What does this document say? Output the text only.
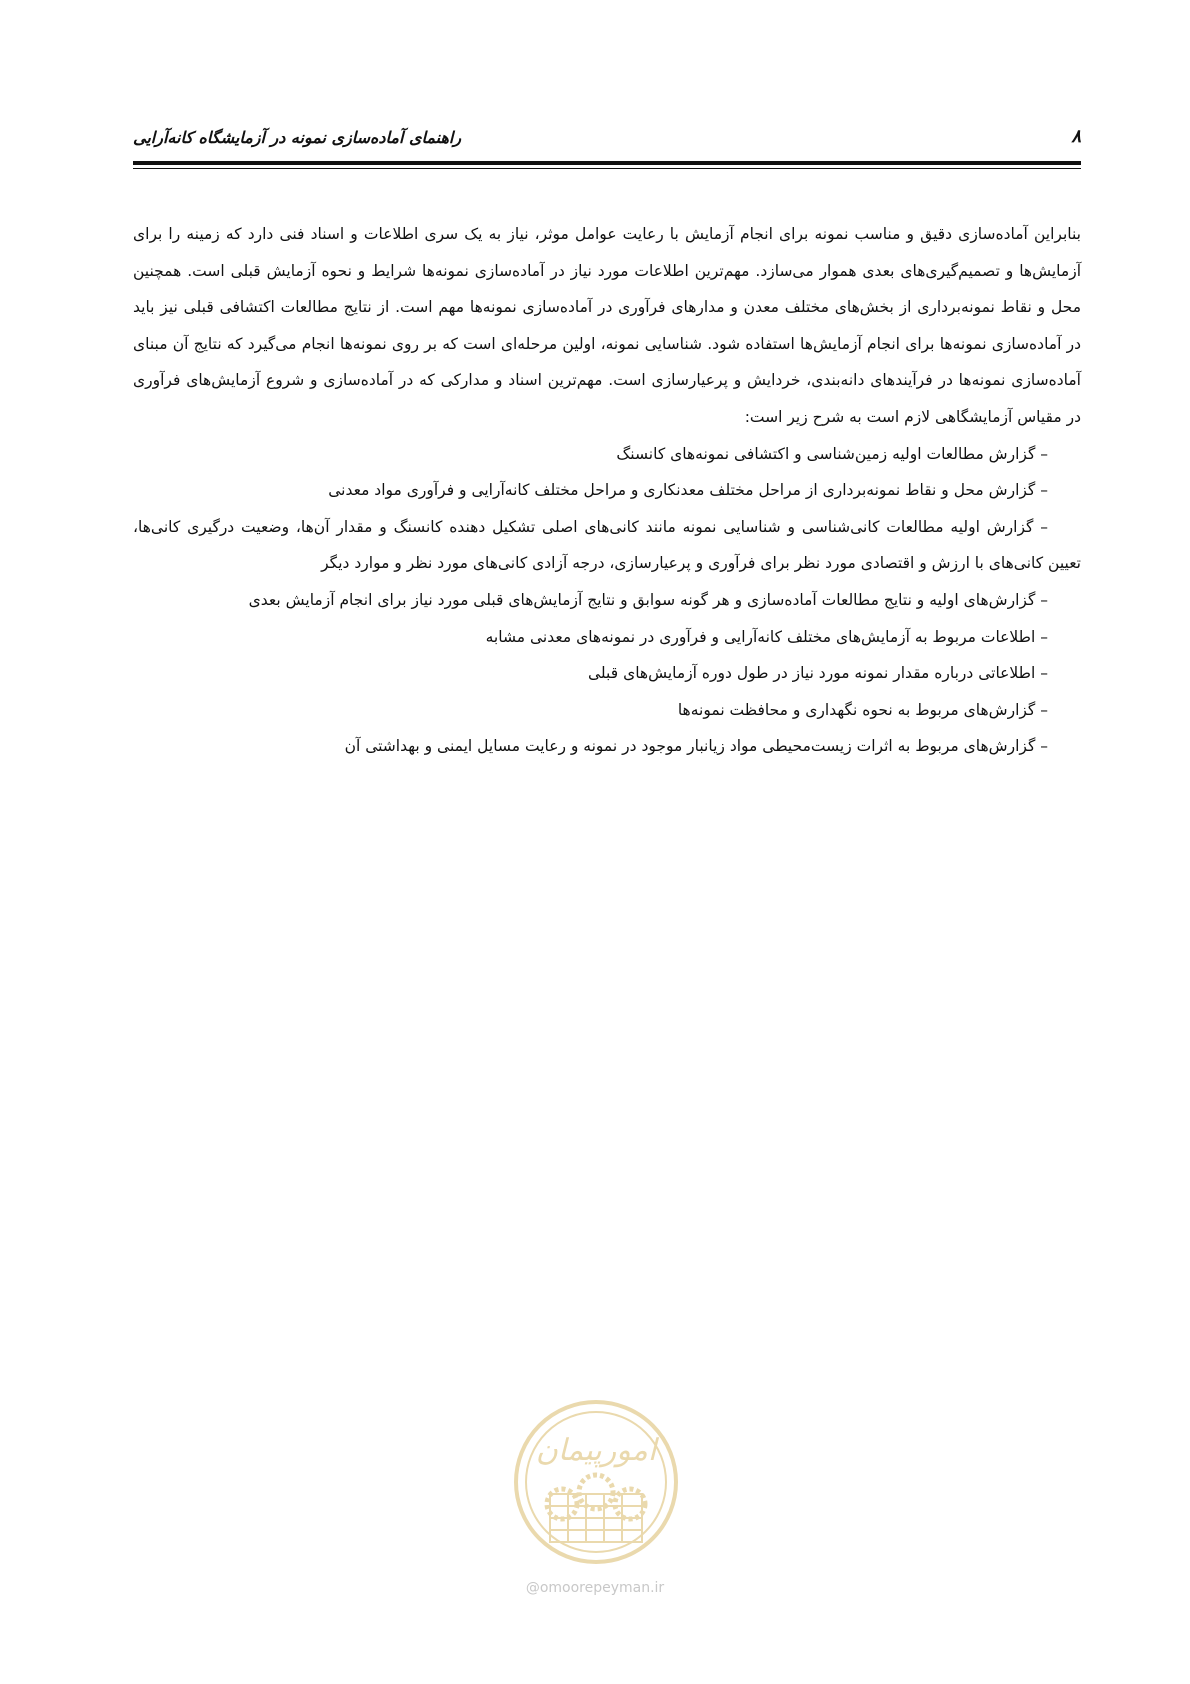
راهنمای آماده‌سازی نمونه در آزمایشگاه کانه‌آرایی	۸

بنابراین آماده‌سازی دقیق و مناسب نمونه برای انجام آزمایش با رعایت عوامل موثر، نیاز به یک سری اطلاعات و اسناد فنی دارد که زمینه را برای آزمایش‌ها و تصمیم‌گیری‌های بعدی هموار می‌سازد. مهم‌ترین اطلاعات مورد نیاز در آماده‌سازی نمونه‌ها شرایط و نحوه آزمایش قبلی است. همچنین محل و نقاط نمونه‌برداری از بخش‌های مختلف معدن و مدارهای فرآوری در آماده‌سازی نمونه‌ها مهم است. از نتایج مطالعات اکتشافی قبلی نیز باید در آماده‌سازی نمونه‌ها برای انجام آزمایش‌ها استفاده شود. شناسایی نمونه، اولین مرحله‌ای است که بر روی نمونه‌ها انجام می‌گیرد که نتایج آن مبنای آماده‌سازی نمونه‌ها در فرآیندهای دانه‌بندی، خردایش و پرعیارسازی است. مهم‌ترین اسناد و مدارکی که در آماده‌سازی و شروع آزمایش‌های فرآوری در مقیاس آزمایشگاهی لازم است به شرح زیر است:

– گزارش مطالعات اولیه زمین‌شناسی و اکتشافی نمونه‌های کانسنگ

– گزارش محل و نقاط نمونه‌برداری از مراحل مختلف معدنکاری و مراحل مختلف کانه‌آرایی و فرآوری مواد معدنی

– گزارش اولیه مطالعات کانی‌شناسی و شناسایی نمونه مانند کانی‌های اصلی تشکیل دهنده کانسنگ و مقدار آن‌ها، وضعیت درگیری کانی‌ها، تعیین کانی‌های با ارزش و اقتصادی مورد نظر برای فرآوری و پرعیارسازی، درجه آزادی کانی‌های مورد نظر و موارد دیگر

– گزارش‌های اولیه و نتایج مطالعات آماده‌سازی و هر گونه سوابق و نتایج آزمایش‌های قبلی مورد نیاز برای انجام آزمایش بعدی

– اطلاعات مربوط به آزمایش‌های مختلف کانه‌آرایی و فرآوری در نمونه‌های معدنی مشابه

– اطلاعاتی درباره مقدار نمونه مورد نیاز در طول دوره آزمایش‌های قبلی

– گزارش‌های مربوط به نحوه نگهداری و محافظت نمونه‌ها

– گزارش‌های مربوط به اثرات زیست‌محیطی مواد زیانبار موجود در نمونه و رعایت مسایل ایمنی و بهداشتی آن

امورپیمان
@omoorepeyman.ir
